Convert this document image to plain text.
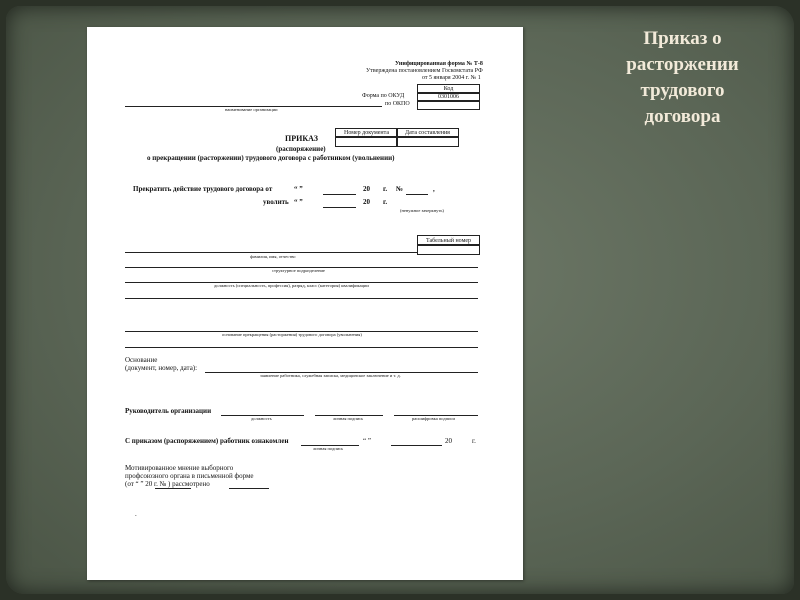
Приказ о
расторжении
трудового
договора
Унифицированная форма № Т-8
Утверждена постановлением Госкомстата РФ
от 5 января 2004 г. № 1
Код
0301006
Форма по ОКУД
по ОКПО
наименование организации
Номер документа	Дата составления
ПРИКАЗ
(распоряжение)
о прекращении (расторжении) трудового договора с работником (увольнении)
Прекратить действие трудового договора от	“ ”	20 г. №	,
уволить “ ”	20 г.
(ненужное зачеркнуть)
Табельный номер
фамилия, имя, отчество
структурное подразделение
должность (специальность, профессия), разряд, класс (категория) квалификации
основание прекращения (расторжения) трудового договора (увольнения)
Основание
(документ, номер, дата):
заявление работника, служебная записка, медицинское заключение и т. д.
Руководитель организации
должность	личная подпись	расшифровка подписи
С приказом (распоряжением) работник ознакомлен
личная подпись
“ ”	20	г.
Мотивированное мнение выборного
профсоюзного органа в письменной форме
(от “ ” 20 г. № ) рассмотрено
.
